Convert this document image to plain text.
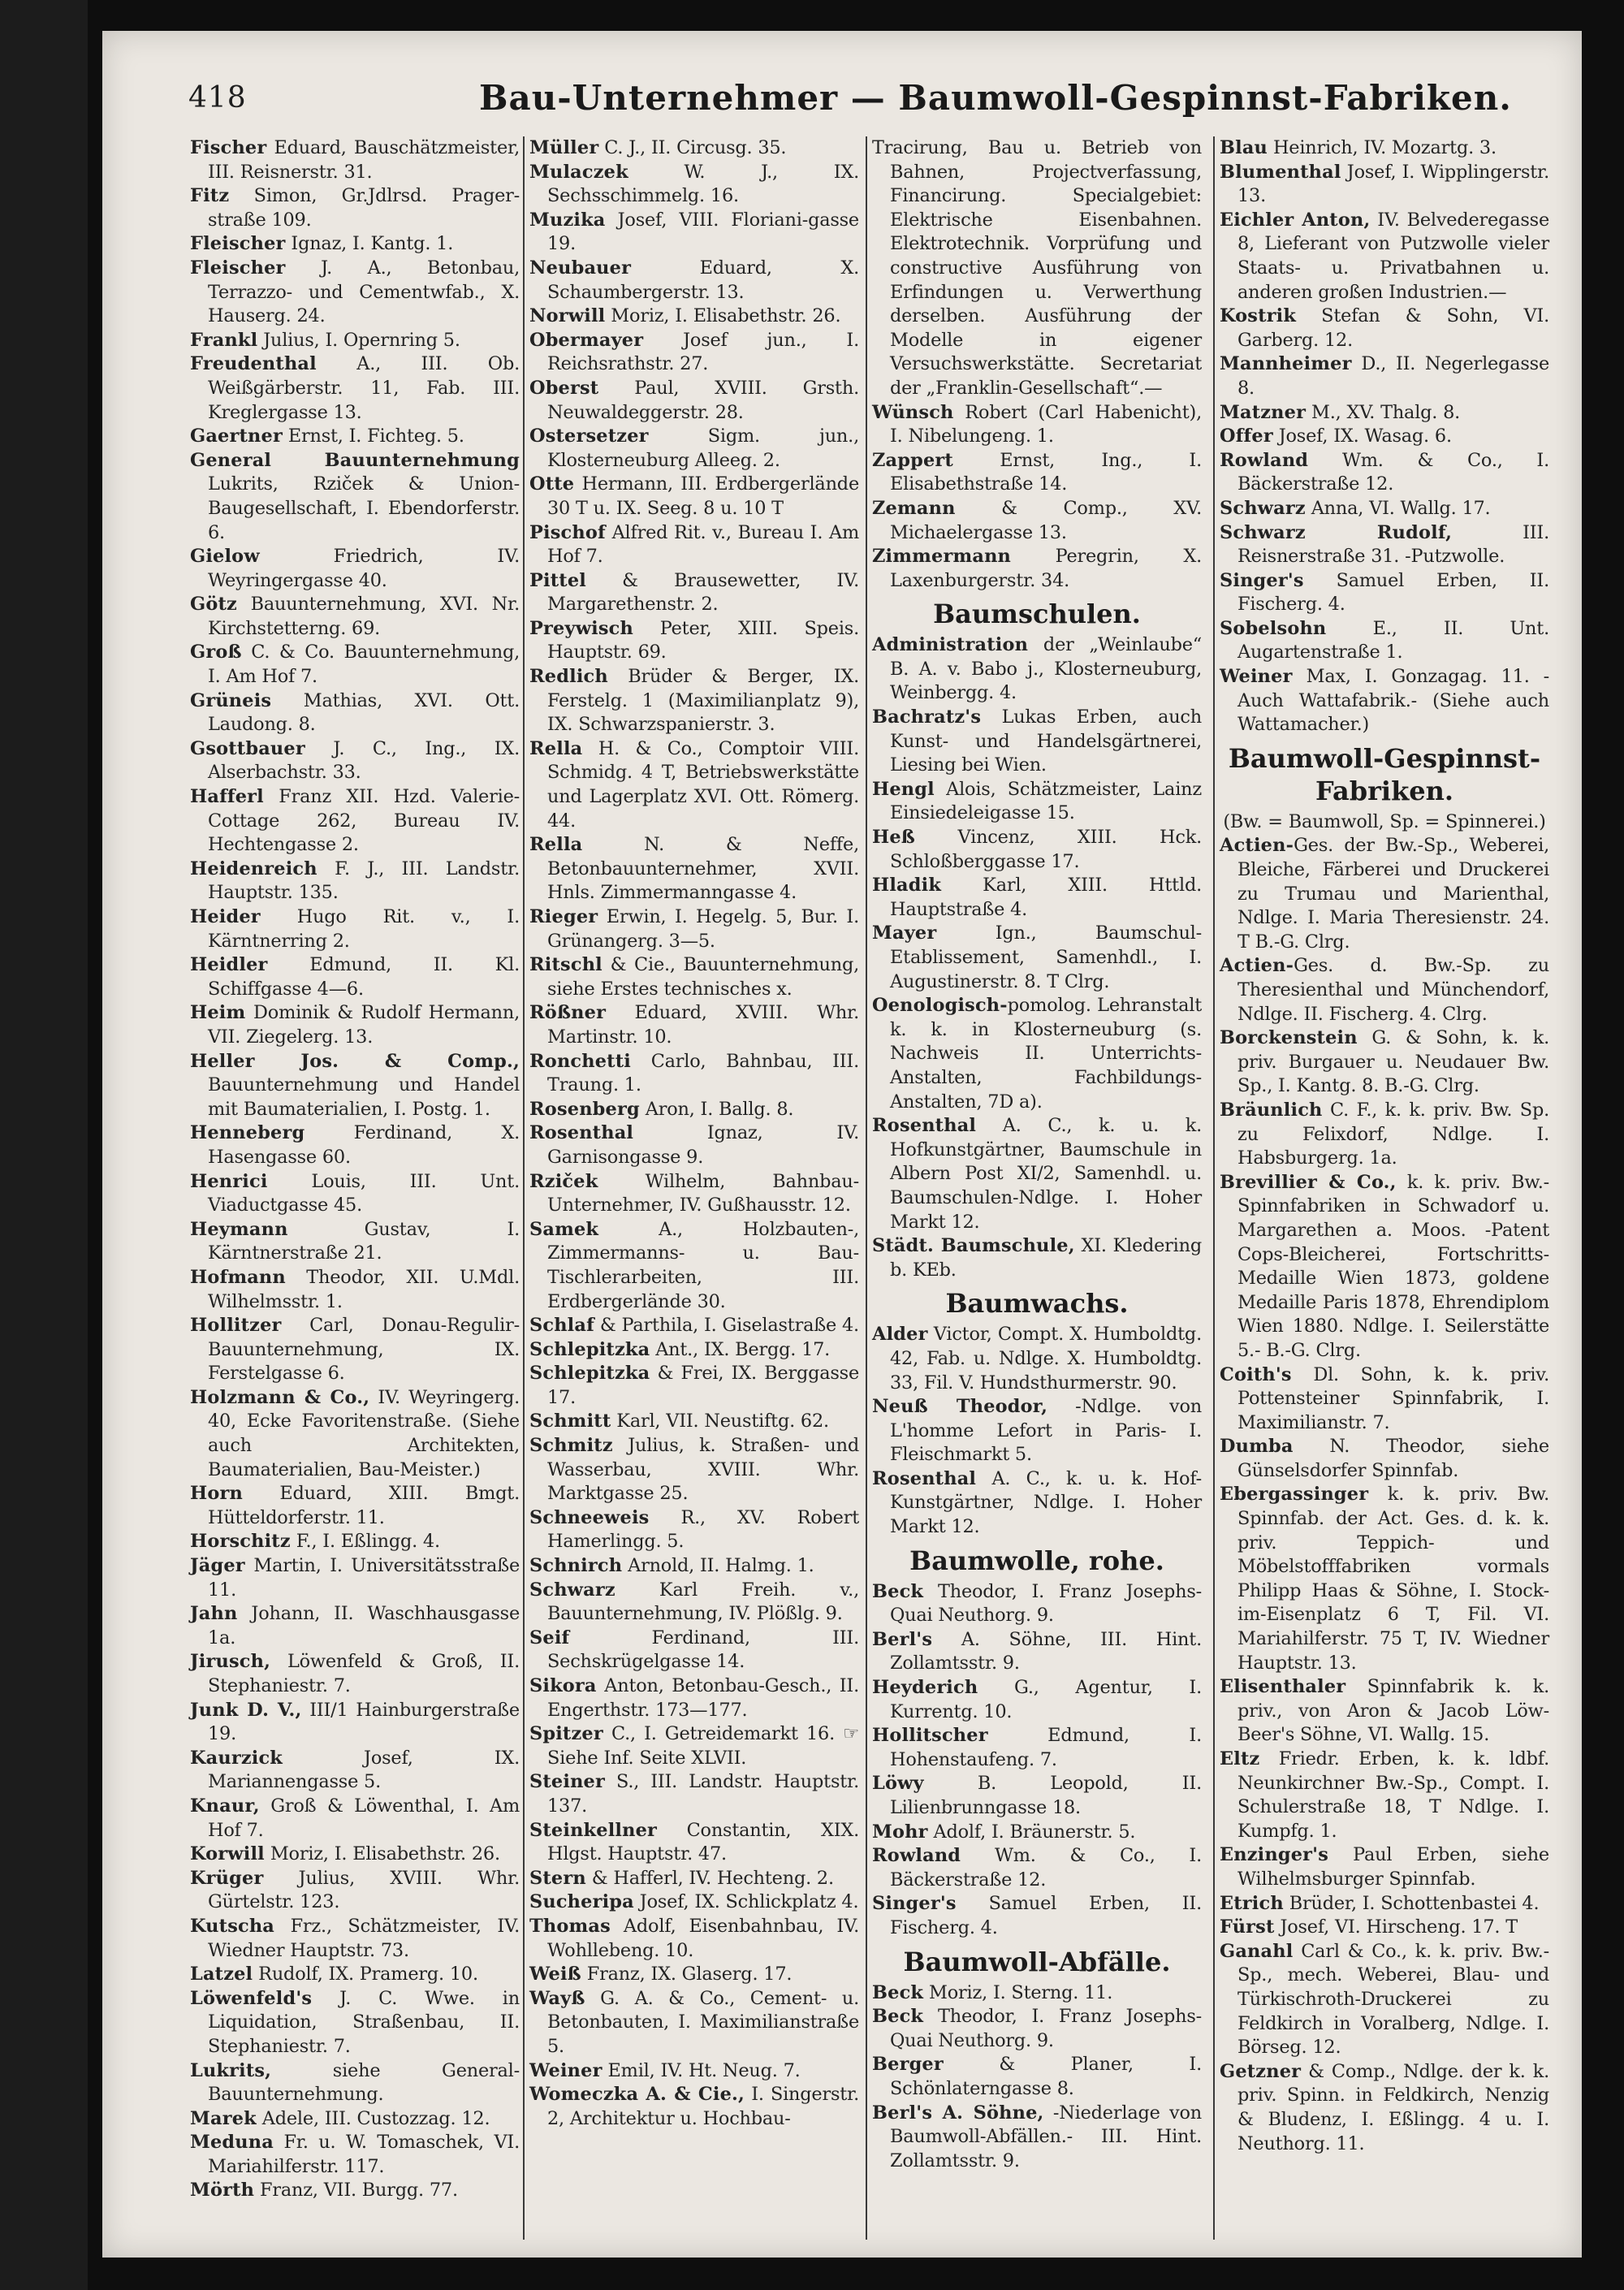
418	Bau-Unternehmer — Baumwoll-Gespinnst-Fabriken.
Fischer Eduard, Bauschätzmeister, III. Reisnerstr. 31.
Fitz Simon, Gr.Jdlrsd. Prager-straße 109.
Fleischer Ignaz, I. Kantg. 1.
Fleischer J. A., Betonbau, Terrazzo- und Cementwfab., X. Hauserg. 24.
Frankl Julius, I. Opernring 5.
Freudenthal A., III. Ob. Weißgärberstr. 11, Fab. III. Kreglergasse 13.
Gaertner Ernst, I. Fichteg. 5.
General Bauunternehmung Lukrits, Rziček & Union-Baugesellschaft, I. Ebendorferstr. 6.
Gielow Friedrich, IV. Weyringergasse 40.
Götz Bauunternehmung, XVI. Nr. Kirchstetterng. 69.
Groß C. & Co. Bauunternehmung, I. Am Hof 7.
Grüneis Mathias, XVI. Ott. Laudong. 8.
Gsottbauer J. C., Ing., IX. Alserbachstr. 33.
Hafferl Franz XII. Hzd. Valerie-Cottage 262, Bureau IV. Hechtengasse 2.
Heidenreich F. J., III. Landstr. Hauptstr. 135.
Heider Hugo Rit. v., I. Kärntnerring 2.
Heidler Edmund, II. Kl. Schiffgasse 4—6.
Heim Dominik & Rudolf Hermann, VII. Ziegelerg. 13.
Heller Jos. & Comp., Bauunternehmung und Handel mit Baumaterialien, I. Postg. 1.
Henneberg Ferdinand, X. Hasengasse 60.
Henrici Louis, III. Unt. Viaductgasse 45.
Heymann Gustav, I. Kärntnerstraße 21.
Hofmann Theodor, XII. U.Mdl. Wilhelmsstr. 1.
Hollitzer Carl, Donau-Regulir-Bauunternehmung, IX. Ferstelgasse 6.
Holzmann & Co., IV. Weyringerg. 40, Ecke Favoritenstraße. (Siehe auch Architekten, Baumaterialien, Bau-Meister.)
Horn Eduard, XIII. Bmgt. Hütteldorferstr. 11.
Horschitz F., I. Eßlingg. 4.
Jäger Martin, I. Universitätsstraße 11.
Jahn Johann, II. Waschhausgasse 1a.
Jirusch, Löwenfeld & Groß, II. Stephaniestr. 7.
Junk D. V., III/1 Hainburgerstraße 19.
Kaurzick Josef, IX. Mariannengasse 5.
Knaur, Groß & Löwenthal, I. Am Hof 7.
Korwill Moriz, I. Elisabethstr. 26.
Krüger Julius, XVIII. Whr. Gürtelstr. 123.
Kutscha Frz., Schätzmeister, IV. Wiedner Hauptstr. 73.
Latzel Rudolf, IX. Pramerg. 10.
Löwenfeld's J. C. Wwe. in Liquidation, Straßenbau, II. Stephaniestr. 7.
Lukrits, siehe General-Bauunternehmung.
Marek Adele, III. Custozzag. 12.
Meduna Fr. u. W. Tomaschek, VI. Mariahilferstr. 117.
Mörth Franz, VII. Burgg. 77.
Müller C. J., II. Circusg. 35.
Mulaczek W. J., IX. Sechsschimmelg. 16.
Muzika Josef, VIII. Floriani-gasse 19.
Neubauer Eduard, X. Schaumbergerstr. 13.
Norwill Moriz, I. Elisabethstr. 26.
Obermayer Josef jun., I. Reichsrathstr. 27.
Oberst Paul, XVIII. Grsth. Neuwaldeggerstr. 28.
Ostersetzer Sigm. jun., Klosterneuburg Alleeg. 2.
Otte Hermann, III. Erdbergerlände 30 T u. IX. Seeg. 8 u. 10 T
Pischof Alfred Rit. v., Bureau I. Am Hof 7.
Pittel & Brausewetter, IV. Margarethenstr. 2.
Preywisch Peter, XIII. Speis. Hauptstr. 69.
Redlich Brüder & Berger, IX. Ferstelg. 1 (Maximilianplatz 9), IX. Schwarzspanierstr. 3.
Rella H. & Co., Comptoir VIII. Schmidg. 4 T, Betriebswerkstätte und Lagerplatz XVI. Ott. Römerg. 44.
Rella N. & Neffe, Betonbauunternehmer, XVII. Hnls. Zimmermanngasse 4.
Rieger Erwin, I. Hegelg. 5, Bur. I. Grünangerg. 3—5.
Ritschl & Cie., Bauunternehmung, siehe Erstes technisches x.
Rößner Eduard, XVIII. Whr. Martinstr. 10.
Ronchetti Carlo, Bahnbau, III. Traung. 1.
Rosenberg Aron, I. Ballg. 8.
Rosenthal Ignaz, IV. Garnisongasse 9.
Rziček Wilhelm, Bahnbau-Unternehmer, IV. Gußhausstr. 12.
Samek A., Holzbauten-, Zimmermanns- u. Bau-Tischlerarbeiten, III. Erdbergerlände 30.
Schlaf & Parthila, I. Giselastraße 4.
Schlepitzka Ant., IX. Bergg. 17.
Schlepitzka & Frei, IX. Berggasse 17.
Schmitt Karl, VII. Neustiftg. 62.
Schmitz Julius, k. Straßen- und Wasserbau, XVIII. Whr. Marktgasse 25.
Schneeweis R., XV. Robert Hamerlingg. 5.
Schnirch Arnold, II. Halmg. 1.
Schwarz Karl Freih. v., Bauunternehmung, IV. Plößlg. 9.
Seif Ferdinand, III. Sechskrügelgasse 14.
Sikora Anton, Betonbau-Gesch., II. Engerthstr. 173—177.
Spitzer C., I. Getreidemarkt 16. ☞ Siehe Inf. Seite XLVII.
Steiner S., III. Landstr. Hauptstr. 137.
Steinkellner Constantin, XIX. Hlgst. Hauptstr. 47.
Stern & Hafferl, IV. Hechteng. 2.
Sucheripa Josef, IX. Schlickplatz 4.
Thomas Adolf, Eisenbahnbau, IV. Wohllebeng. 10.
Weiß Franz, IX. Glaserg. 17.
Wayß G. A. & Co., Cement- u. Betonbauten, I. Maximilianstraße 5.
Weiner Emil, IV. Ht. Neug. 7.
Womeczka A. & Cie., I. Singerstr. 2, Architektur u. Hochbau-
Tracirung, Bau u. Betrieb von Bahnen, Projectverfassung, Financirung. Specialgebiet: Elektrische Eisenbahnen. Elektrotechnik. Vorprüfung und constructive Ausführung von Erfindungen u. Verwerthung derselben. Ausführung der Modelle in eigener Versuchswerkstätte. Secretariat der „Franklin-Gesellschaft“.—
Wünsch Robert (Carl Habenicht), I. Nibelungeng. 1.
Zappert Ernst, Ing., I. Elisabethstraße 14.
Zemann & Comp., XV. Michaelergasse 13.
Zimmermann Peregrin, X. Laxenburgerstr. 34.
Baumschulen.
Administration der „Weinlaube“ B. A. v. Babo j., Klosterneuburg, Weinbergg. 4.
Bachratz's Lukas Erben, auch Kunst- und Handelsgärtnerei, Liesing bei Wien.
Hengl Alois, Schätzmeister, Lainz Einsiedeleigasse 15.
Heß Vincenz, XIII. Hck. Schloßberggasse 17.
Hladik Karl, XIII. Httld. Hauptstraße 4.
Mayer Ign., Baumschul-Etablissement, Samenhdl., I. Augustinerstr. 8. T Clrg.
Oenologisch-pomolog. Lehranstalt k. k. in Klosterneuburg (s. Nachweis II. Unterrichts-Anstalten, Fachbildungs-Anstalten, 7D a).
Rosenthal A. C., k. u. k. Hofkunstgärtner, Baumschule in Albern Post XI/2, Samenhdl. u. Baumschulen-Ndlge. I. Hoher Markt 12.
Städt. Baumschule, XI. Kledering b. KEb.
Baumwachs.
Alder Victor, Compt. X. Humboldtg. 42, Fab. u. Ndlge. X. Humboldtg. 33, Fil. V. Hundsthurmerstr. 90.
Neuß Theodor, -Ndlge. von L'homme Lefort in Paris- I. Fleischmarkt 5.
Rosenthal A. C., k. u. k. Hof-Kunstgärtner, Ndlge. I. Hoher Markt 12.
Baumwolle, rohe.
Beck Theodor, I. Franz Josephs-Quai Neuthorg. 9.
Berl's A. Söhne, III. Hint. Zollamtsstr. 9.
Heyderich G., Agentur, I. Kurrentg. 10.
Hollitscher Edmund, I. Hohenstaufeng. 7.
Löwy B. Leopold, II. Lilienbrunngasse 18.
Mohr Adolf, I. Bräunerstr. 5.
Rowland Wm. & Co., I. Bäckerstraße 12.
Singer's Samuel Erben, II. Fischerg. 4.
Baumwoll-Abfälle.
Beck Moriz, I. Sterng. 11.
Beck Theodor, I. Franz Josephs-Quai Neuthorg. 9.
Berger & Planer, I. Schönlaterngasse 8.
Berl's A. Söhne, -Niederlage von Baumwoll-Abfällen.- III. Hint. Zollamtsstr. 9.
Blau Heinrich, IV. Mozartg. 3.
Blumenthal Josef, I. Wipplingerstr. 13.
Eichler Anton, IV. Belvederegasse 8, Lieferant von Putzwolle vieler Staats- u. Privatbahnen u. anderen großen Industrien.—
Kostrik Stefan & Sohn, VI. Garberg. 12.
Mannheimer D., II. Negerlegasse 8.
Matzner M., XV. Thalg. 8.
Offer Josef, IX. Wasag. 6.
Rowland Wm. & Co., I. Bäckerstraße 12.
Schwarz Anna, VI. Wallg. 17.
Schwarz Rudolf, III. Reisnerstraße 31. -Putzwolle.
Singer's Samuel Erben, II. Fischerg. 4.
Sobelsohn E., II. Unt. Augartenstraße 1.
Weiner Max, I. Gonzagag. 11. -Auch Wattafabrik.- (Siehe auch Wattamacher.)
Baumwoll-Gespinnst-Fabriken.
(Bw. = Baumwoll, Sp. = Spinnerei.)
Actien-Ges. der Bw.-Sp., Weberei, Bleiche, Färberei und Druckerei zu Trumau und Marienthal, Ndlge. I. Maria Theresienstr. 24. T B.-G. Clrg.
Actien-Ges. d. Bw.-Sp. zu Theresienthal und Münchendorf, Ndlge. II. Fischerg. 4. Clrg.
Borckenstein G. & Sohn, k. k. priv. Burgauer u. Neudauer Bw. Sp., I. Kantg. 8. B.-G. Clrg.
Bräunlich C. F., k. k. priv. Bw. Sp. zu Felixdorf, Ndlge. I. Habsburgerg. 1a.
Brevillier & Co., k. k. priv. Bw.-Spinnfabriken in Schwadorf u. Margarethen a. Moos. -Patent Cops-Bleicherei, Fortschritts-Medaille Wien 1873, goldene Medaille Paris 1878, Ehrendiplom Wien 1880. Ndlge. I. Seilerstätte 5.- B.-G. Clrg.
Coith's Dl. Sohn, k. k. priv. Pottensteiner Spinnfabrik, I. Maximilianstr. 7.
Dumba N. Theodor, siehe Günselsdorfer Spinnfab.
Ebergassinger k. k. priv. Bw. Spinnfab. der Act. Ges. d. k. k. priv. Teppich- und Möbelstofffabriken vormals Philipp Haas & Söhne, I. Stock-im-Eisenplatz 6 T, Fil. VI. Mariahilferstr. 75 T, IV. Wiedner Hauptstr. 13.
Elisenthaler Spinnfabrik k. k. priv., von Aron & Jacob Löw-Beer's Söhne, VI. Wallg. 15.
Eltz Friedr. Erben, k. k. ldbf. Neunkirchner Bw.-Sp., Compt. I. Schulerstraße 18, T Ndlge. I. Kumpfg. 1.
Enzinger's Paul Erben, siehe Wilhelmsburger Spinnfab.
Etrich Brüder, I. Schottenbastei 4.
Fürst Josef, VI. Hirscheng. 17. T
Ganahl Carl & Co., k. k. priv. Bw.-Sp., mech. Weberei, Blau- und Türkischroth-Druckerei zu Feldkirch in Voralberg, Ndlge. I. Börseg. 12.
Getzner & Comp., Ndlge. der k. k. priv. Spinn. in Feldkirch, Nenzig & Bludenz, I. Eßlingg. 4 u. I. Neuthorg. 11.
